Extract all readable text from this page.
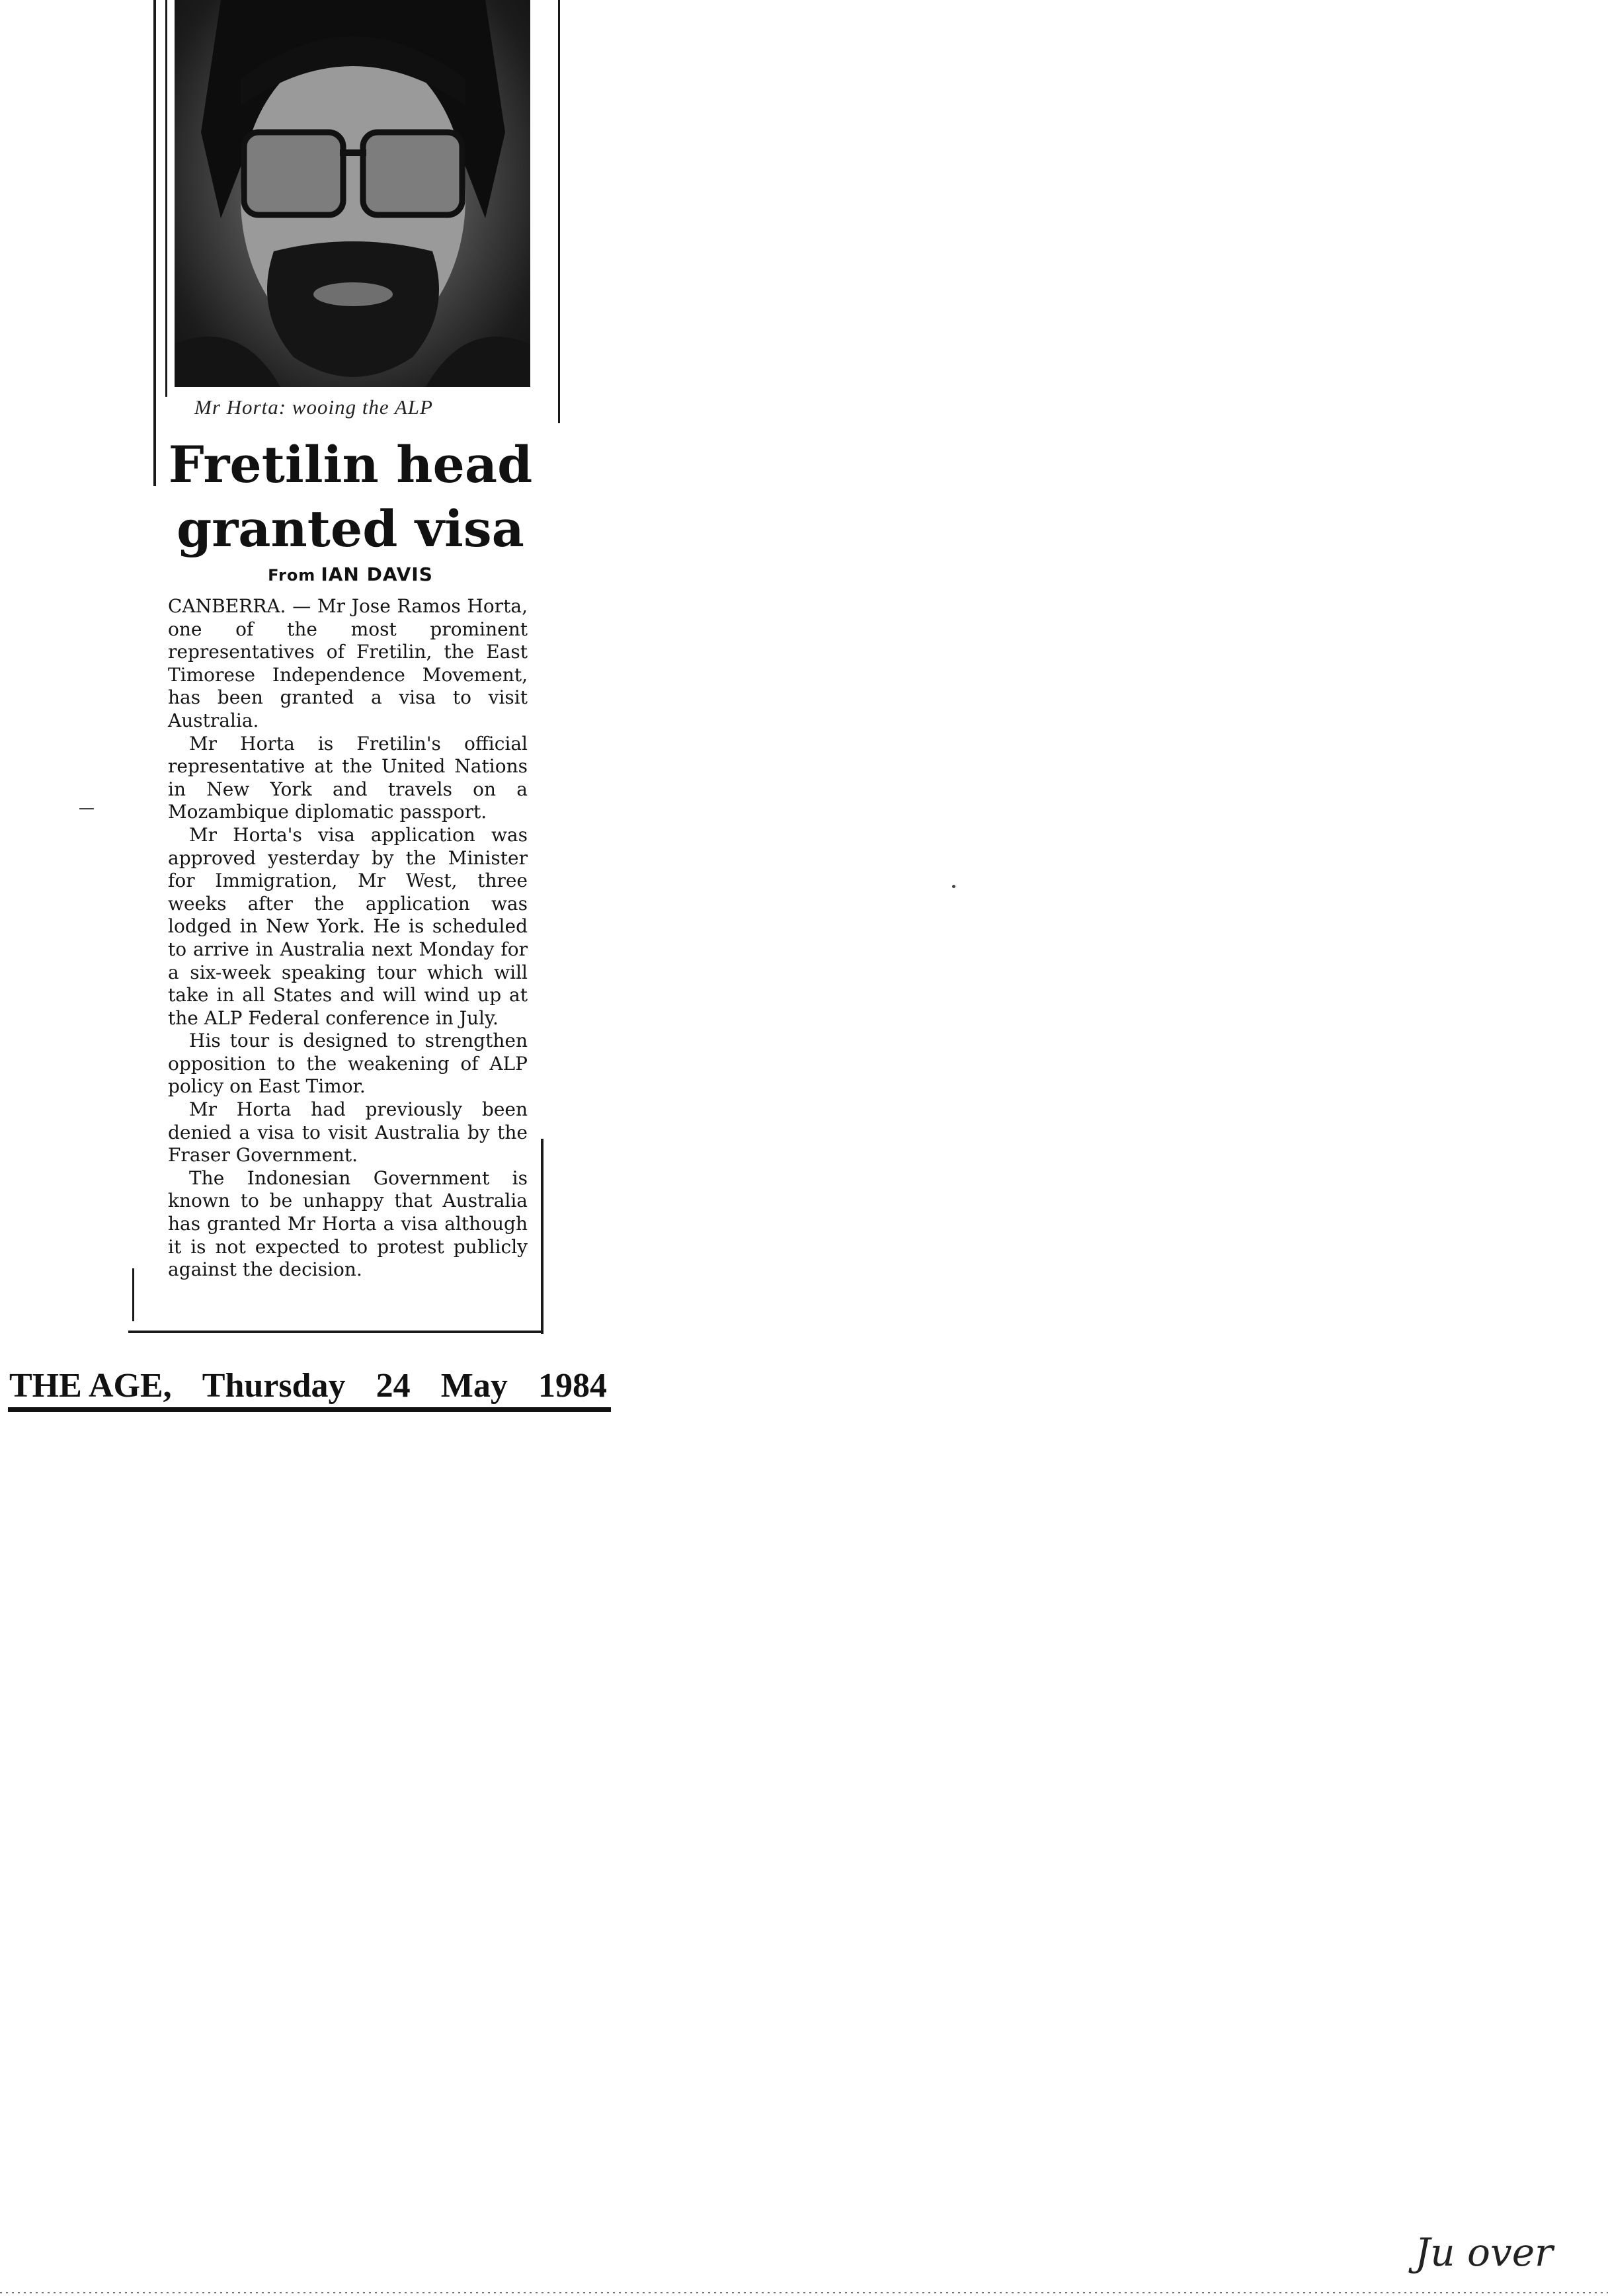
Mr Horta: wooing the ALP
Fretilin head
granted visa
From IAN DAVIS

CANBERRA. — Mr Jose Ramos Horta, one of the most prominent representatives of Fretilin, the East Timorese Independence Movement, has been granted a visa to visit Australia.

Mr Horta is Fretilin's official representative at the United Nations in New York and travels on a Mozambique diplomatic passport.

Mr Horta's visa application was approved yesterday by the Minister for Immigration, Mr West, three weeks after the application was lodged in New York. He is scheduled to arrive in Australia next Monday for a six-week speaking tour which will take in all States and will wind up at the ALP Federal conference in July.

His tour is designed to strengthen opposition to the weakening of ALP policy on East Timor.

Mr Horta had previously been denied a visa to visit Australia by the Fraser Government.

The Indonesian Government is known to be unhappy that Australia has granted Mr Horta a visa although it is not expected to protest publicly against the decision.

THE AGE, Thursday 24 May 1984
Ju over
